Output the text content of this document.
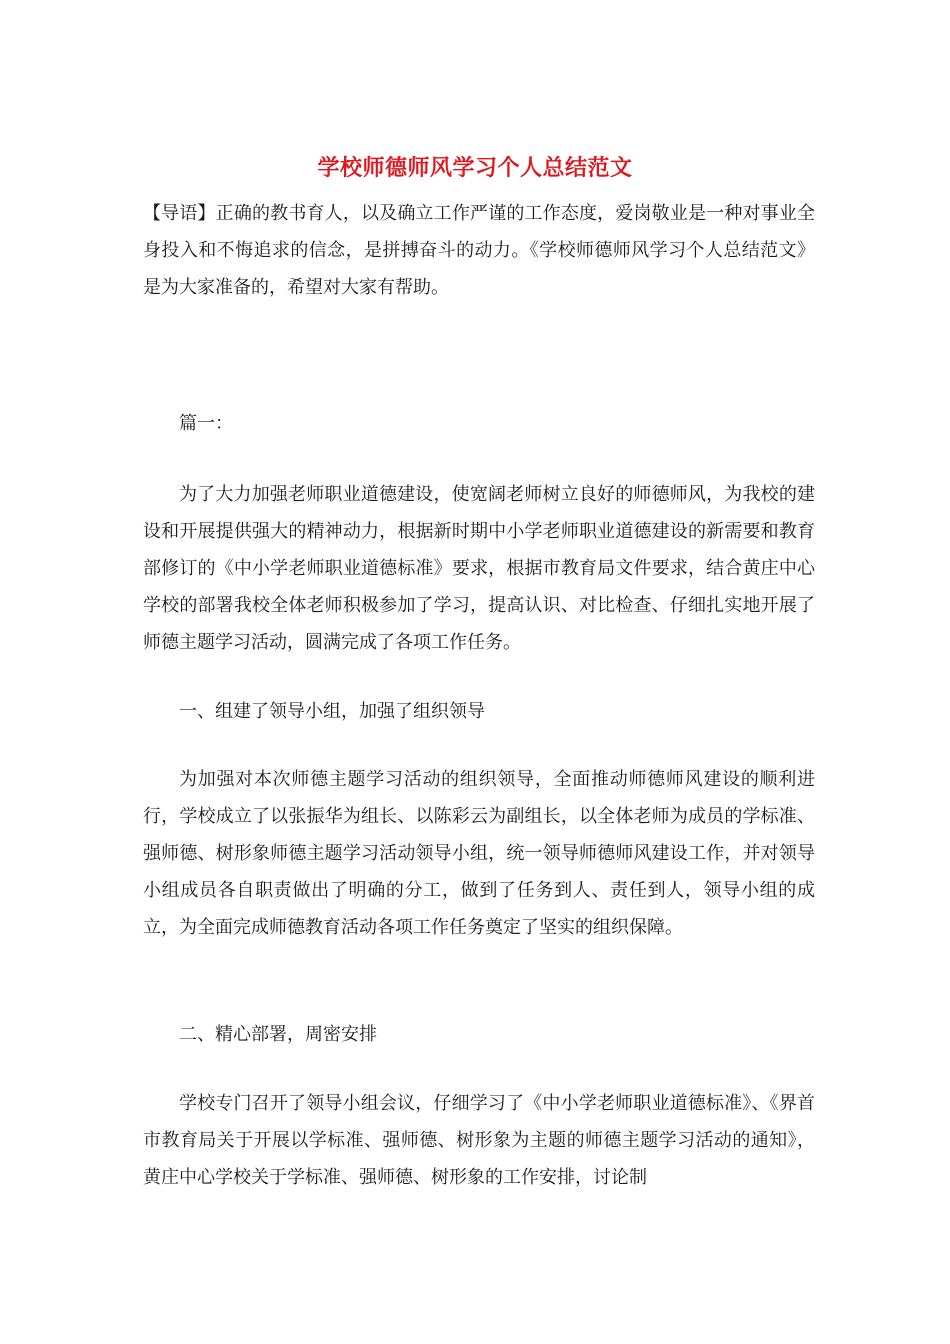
学校师德师风学习个人总结范文
【导语】正确的教书育人，以及确立工作严谨的工作态度，爱岗敬业是一种对事业全身投入和不悔追求的信念，是拼搏奋斗的动力。《学校师德师风学习个人总结范文》是为大家准备的，希望对大家有帮助。
篇一：
为了大力加强老师职业道德建设，使宽阔老师树立良好的师德师风，为我校的建设和开展提供强大的精神动力，根据新时期中小学老师职业道德建设的新需要和教育部修订的《中小学老师职业道德标准》要求，根据市教育局文件要求，结合黄庄中心学校的部署我校全体老师积极参加了学习，提高认识、对比检查、仔细扎实地开展了师德主题学习活动，圆满完成了各项工作任务。
一、组建了领导小组，加强了组织领导
为加强对本次师德主题学习活动的组织领导，全面推动师德师风建设的顺利进行，学校成立了以张振华为组长、以陈彩云为副组长，以全体老师为成员的学标准、强师德、树形象师德主题学习活动领导小组，统一领导师德师风建设工作，并对领导小组成员各自职责做出了明确的分工，做到了任务到人、责任到人，领导小组的成立，为全面完成师德教育活动各项工作任务奠定了坚实的组织保障。
二、精心部署，周密安排
学校专门召开了领导小组会议，仔细学习了《中小学老师职业道德标准》、《界首市教育局关于开展以学标准、强师德、树形象为主题的师德主题学习活动的通知》，黄庄中心学校关于学标准、强师德、树形象的工作安排，讨论制
